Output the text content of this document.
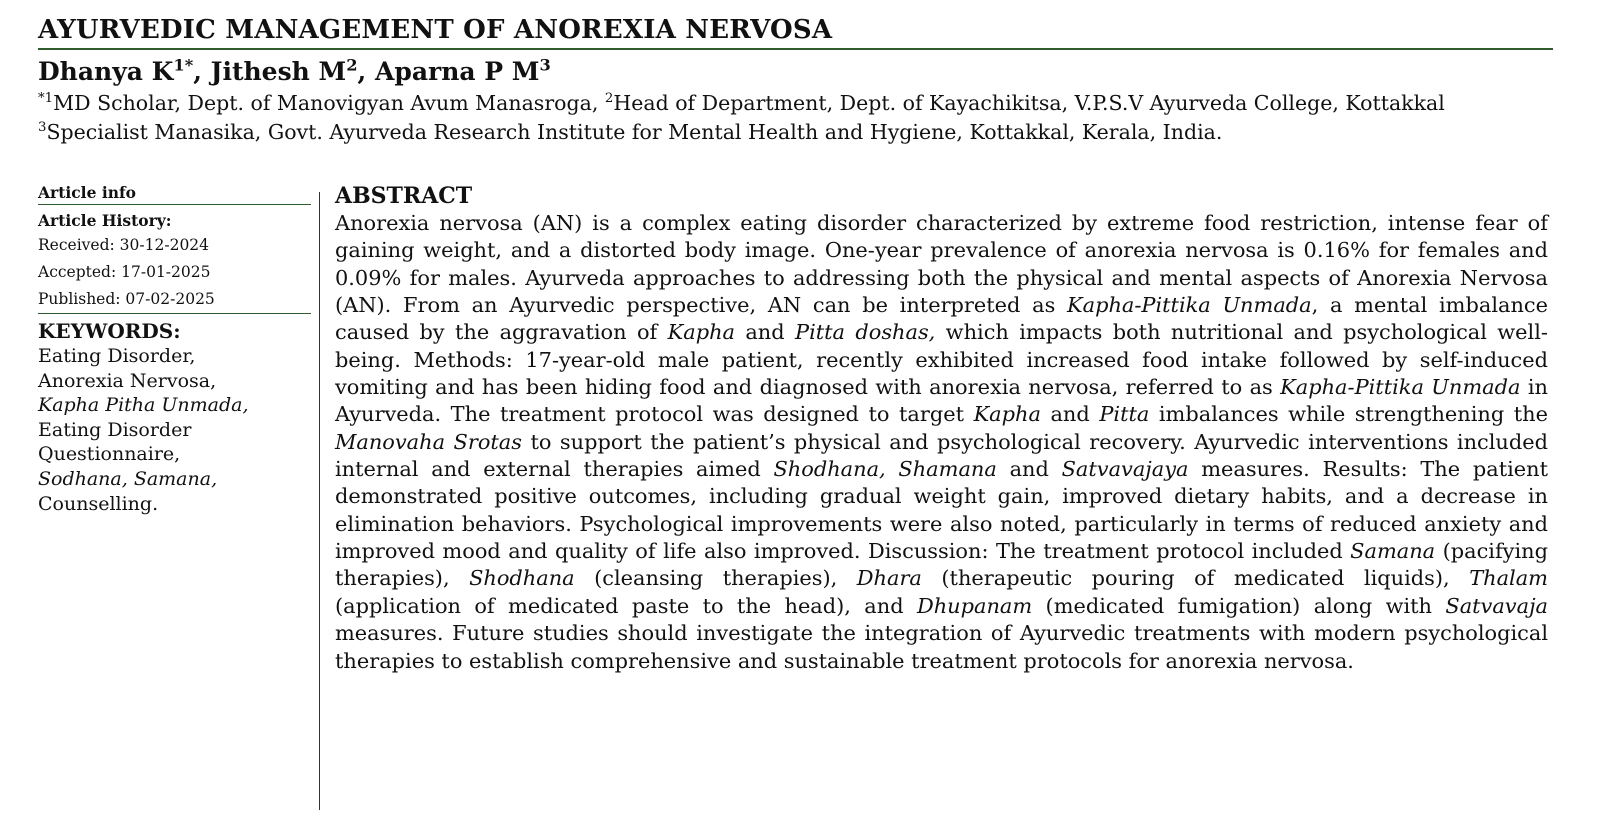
AYURVEDIC MANAGEMENT OF ANOREXIA NERVOSA
Dhanya $K^{1*}$, Jithesh $M^2$, Aparna P $M^3$
$^{*1}$MD Scholar, Dept. of Manovigyan Avum Manasroga, $^2$Head of Department, Dept. of Kayachikitsa, V.P.S.V Ayurveda College, Kottakkal
$^3$Specialist Manasika, Govt. Ayurveda Research Institute for Mental Health and Hygiene, Kottakkal, Kerala, India.
Article info
Article History:
Received: 30-12-2024
Accepted: 17-01-2025
Published: 07-02-2025
KEYWORDS:
Eating Disorder,
Anorexia Nervosa,
Kapha Pitha Unmada,
Eating Disorder
Questionnaire,
Sodhana, Samana,
Counselling.
ABSTRACT

Anorexia nervosa (AN) is a complex eating disorder characterized by extreme food restriction, intense fear of gaining weight, and a distorted body image. One-year prevalence of anorexia nervosa is 0.16% for females and 0.09% for males. Ayurveda approaches to addressing both the physical and mental aspects of Anorexia Nervosa (AN). From an Ayurvedic perspective, AN can be interpreted as Kapha-Pittika Unmada, a mental imbalance caused by the aggravation of Kapha and Pitta doshas, which impacts both nutritional and psychological well-being. Methods: 17-year-old male patient, recently exhibited increased food intake followed by self-induced vomiting and has been hiding food and diagnosed with anorexia nervosa, referred to as Kapha-Pittika Unmada in Ayurveda. The treatment protocol was designed to target Kapha and Pitta imbalances while strengthening the Manovaha Srotas to support the patient’s physical and psychological recovery. Ayurvedic interventions included internal and external therapies aimed Shodhana, Shamana and Satvavajaya measures. Results: The patient demonstrated positive outcomes, including gradual weight gain, improved dietary habits, and a decrease in elimination behaviors. Psychological improvements were also noted, particularly in terms of reduced anxiety and improved mood and quality of life also improved. Discussion: The treatment protocol included Samana (pacifying therapies), Shodhana (cleansing therapies), Dhara (therapeutic pouring of medicated liquids), Thalam (application of medicated paste to the head), and Dhupanam (medicated fumigation) along with Satvavaja measures. Future studies should investigate the integration of Ayurvedic treatments with modern psychological therapies to establish comprehensive and sustainable treatment protocols for anorexia nervosa.
